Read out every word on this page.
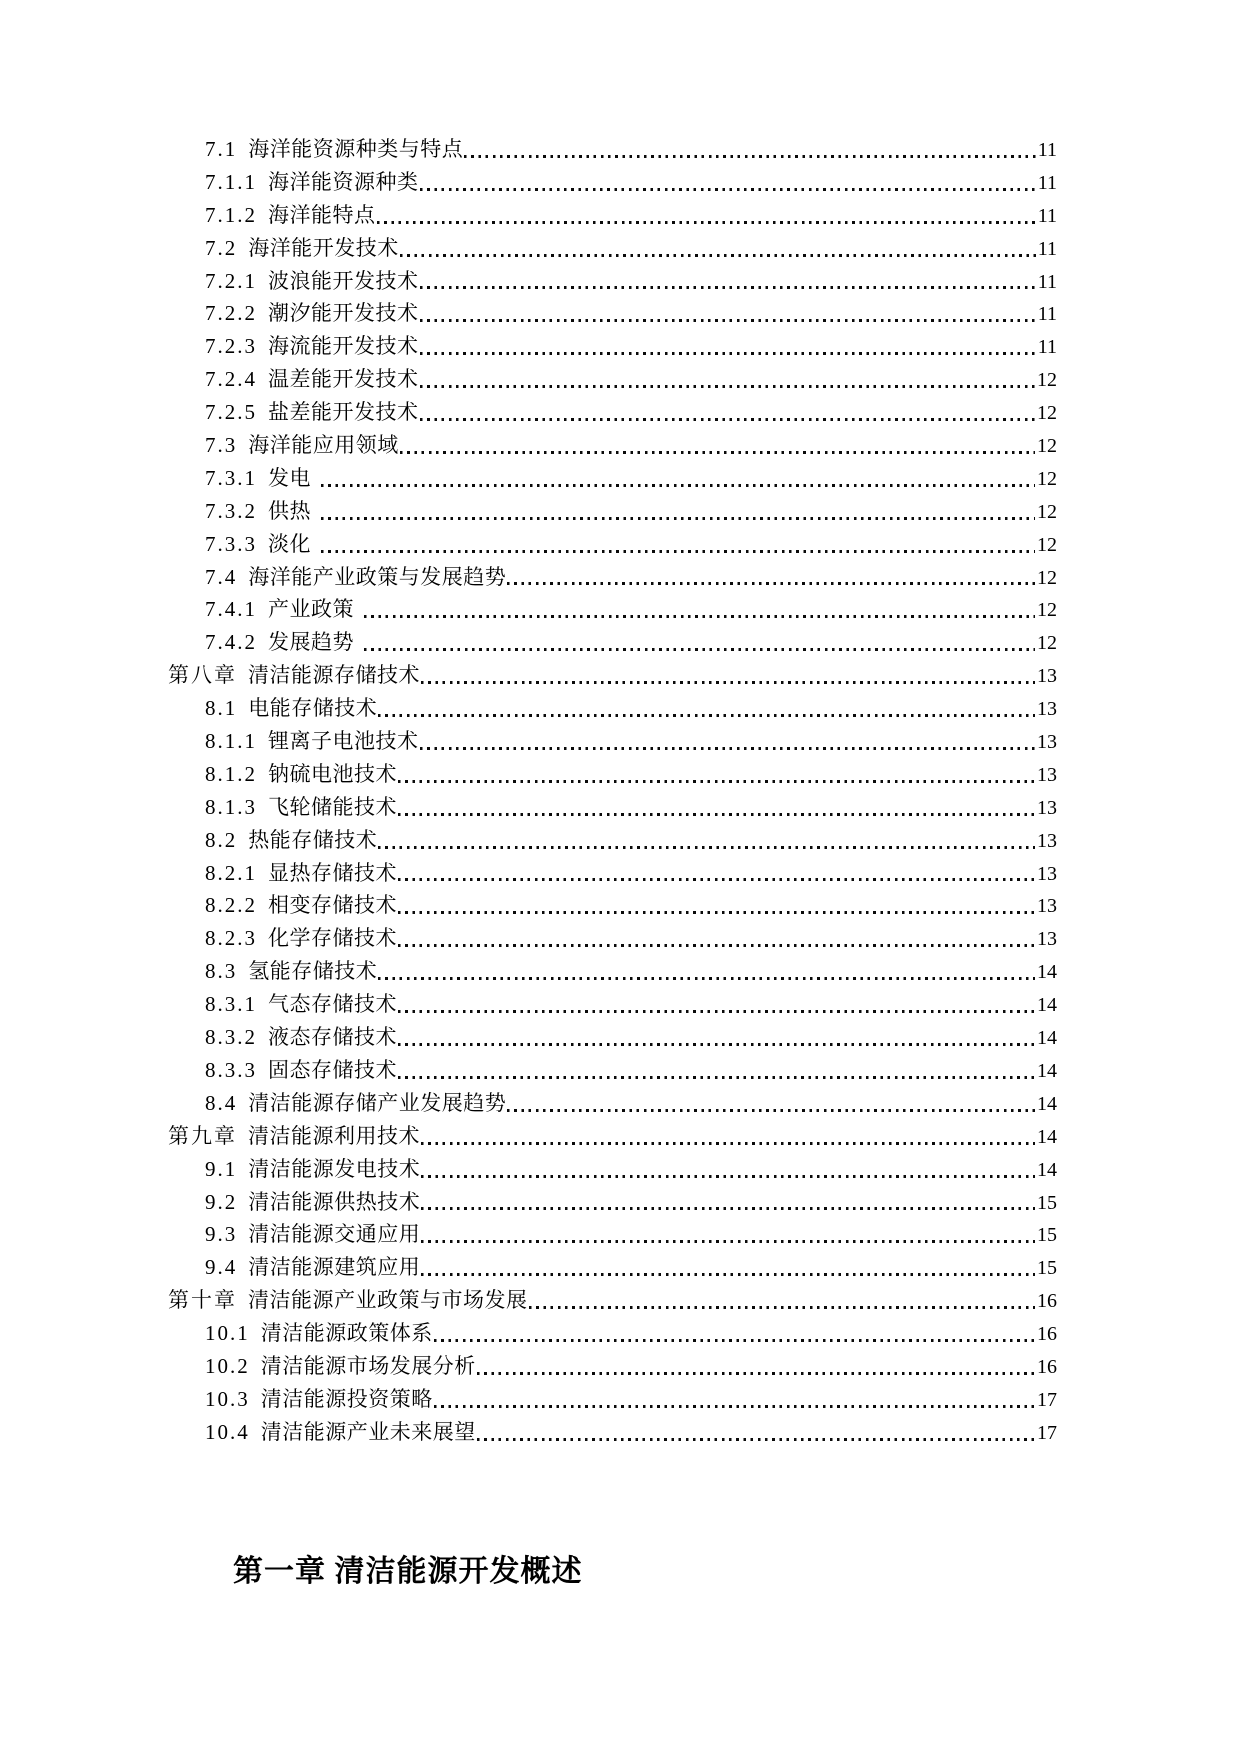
7.1 海洋能资源种类与特点	11
7.1.1 海洋能资源种类	11
7.1.2 海洋能特点	11
7.2 海洋能开发技术	11
7.2.1 波浪能开发技术	11
7.2.2 潮汐能开发技术	11
7.2.3 海流能开发技术	11
7.2.4 温差能开发技术	12
7.2.5 盐差能开发技术	12
7.3 海洋能应用领域	12
7.3.1 发电	12
7.3.2 供热	12
7.3.3 淡化	12
7.4 海洋能产业政策与发展趋势	12
7.4.1 产业政策	12
7.4.2 发展趋势	12
第八章 清洁能源存储技术	13
8.1 电能存储技术	13
8.1.1 锂离子电池技术	13
8.1.2 钠硫电池技术	13
8.1.3 飞轮储能技术	13
8.2 热能存储技术	13
8.2.1 显热存储技术	13
8.2.2 相变存储技术	13
8.2.3 化学存储技术	13
8.3 氢能存储技术	14
8.3.1 气态存储技术	14
8.3.2 液态存储技术	14
8.3.3 固态存储技术	14
8.4 清洁能源存储产业发展趋势	14
第九章 清洁能源利用技术	14
9.1 清洁能源发电技术	14
9.2 清洁能源供热技术	15
9.3 清洁能源交通应用	15
9.4 清洁能源建筑应用	15
第十章 清洁能源产业政策与市场发展	16
10.1 清洁能源政策体系	16
10.2 清洁能源市场发展分析	16
10.3 清洁能源投资策略	17
10.4 清洁能源产业未来展望	17
第一章 清洁能源开发概述
